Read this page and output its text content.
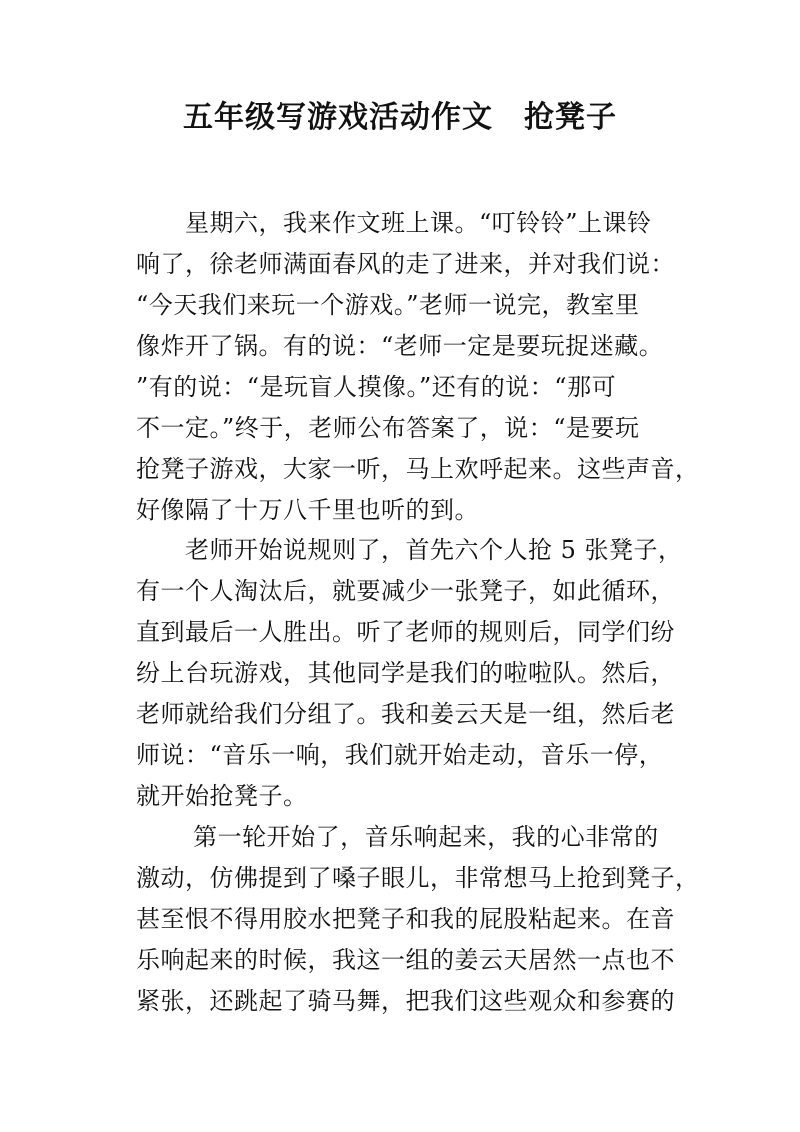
五年级写游戏活动作文　抢凳子
　　星期六，我来作文班上课。“叮铃铃”上课铃
响了，徐老师满面春风的走了进来，并对我们说：
“今天我们来玩一个游戏。”老师一说完，教室里
像炸开了锅。有的说：“老师一定是要玩捉迷藏。
”有的说：“是玩盲人摸像。”还有的说：“那可
不一定。”终于，老师公布答案了，说：“是要玩
抢凳子游戏，大家一听，马上欢呼起来。这些声音，
好像隔了十万八千里也听的到。
　　老师开始说规则了，首先六个人抢 5 张凳子，
有一个人淘汰后，就要减少一张凳子，如此循环，
直到最后一人胜出。听了老师的规则后，同学们纷
纷上台玩游戏，其他同学是我们的啦啦队。然后，
老师就给我们分组了。我和姜云天是一组，然后老
师说：“音乐一响，我们就开始走动，音乐一停，
就开始抢凳子。
　　 第一轮开始了，音乐响起来，我的心非常的
激动，仿佛提到了嗓子眼儿，非常想马上抢到凳子，
甚至恨不得用胶水把凳子和我的屁股粘起来。在音
乐响起来的时候，我这一组的姜云天居然一点也不
紧张，还跳起了骑马舞，把我们这些观众和参赛的
